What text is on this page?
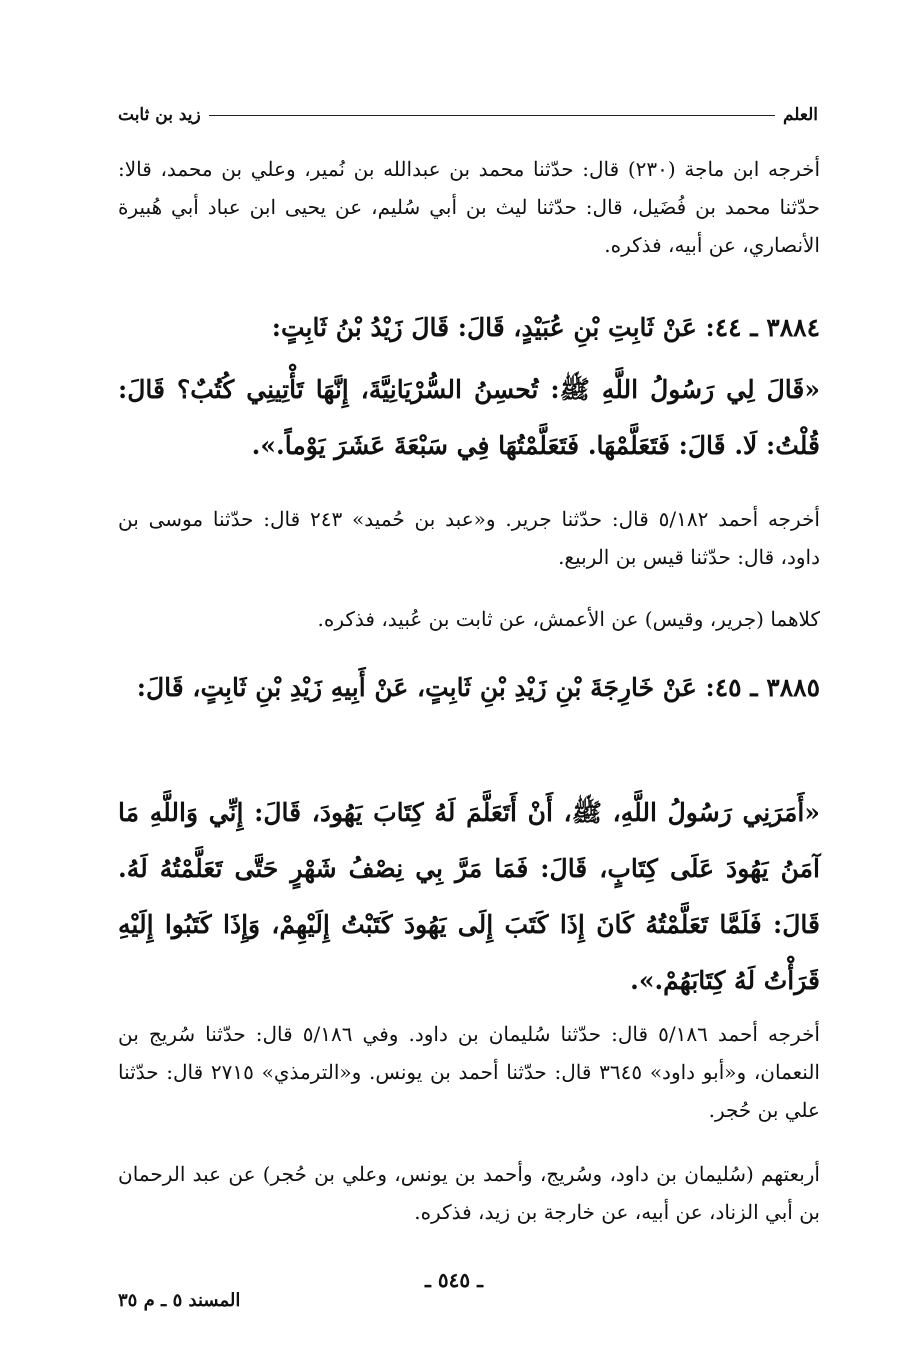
العلم
زيد بن ثابت
أخرجه ابن ماجة (٢٣٠) قال: حدّثنا محمد بن عبدالله بن نُمير، وعلي بن محمد، قالا: حدّثنا محمد بن فُضَيل، قال: حدّثنا ليث بن أبي سُليم، عن يحيى ابن عباد أبي هُبيرة الأنصاري، عن أبيه، فذكره.
٣٨٨٤ ـ ٤٤: عَنْ ثَابِتِ بْنِ عُبَيْدٍ، قَالَ: قَالَ زَيْدُ بْنُ ثَابِتٍ:
«قَالَ لِي رَسُولُ اللَّهِ ﷺ: تُحسِنُ السُّرْيَانِيَّةَ، إِنَّهَا تَأْتِينِي كُتُبٌ؟ قَالَ: قُلْتُ: لَا. قَالَ: فَتَعَلَّمْهَا. فَتَعَلَّمْتُهَا فِي سَبْعَةَ عَشَرَ يَوْماً.».
أخرجه أحمد ٥/١٨٢ قال: حدّثنا جرير. و«عبد بن حُميد» ٢٤٣ قال: حدّثنا موسى بن داود، قال: حدّثنا قيس بن الربيع.
كلاهما (جرير، وقيس) عن الأعمش، عن ثابت بن عُبيد، فذكره.
٣٨٨٥ ـ ٤٥: عَنْ خَارِجَةَ بْنِ زَيْدِ بْنِ ثَابِتٍ، عَنْ أَبِيهِ زَيْدِ بْنِ ثَابِتٍ، قَالَ:
«أَمَرَنِي رَسُولُ اللَّهِ، ﷺ، أَنْ أَتَعَلَّمَ لَهُ كِتَابَ يَهُودَ، قَالَ: إِنِّي وَاللَّهِ مَا آمَنُ يَهُودَ عَلَى كِتَابٍ، قَالَ: فَمَا مَرَّ بِي نِصْفُ شَهْرٍ حَتَّى تَعَلَّمْتُهُ لَهُ. قَالَ: فَلَمَّا تَعَلَّمْتُهُ كَانَ إِذَا كَتَبَ إِلَى يَهُودَ كَتَبْتُ إِلَيْهِمْ، وَإِذَا كَتَبُوا إِلَيْهِ قَرَأْتُ لَهُ كِتَابَهُمْ.».
أخرجه أحمد ٥/١٨٦ قال: حدّثنا سُليمان بن داود. وفي ٥/١٨٦ قال: حدّثنا سُريج بن النعمان، و«أبو داود» ٣٦٤٥ قال: حدّثنا أحمد بن يونس. و«الترمذي» ٢٧١٥ قال: حدّثنا علي بن حُجر.
أربعتهم (سُليمان بن داود، وسُريج، وأحمد بن يونس، وعلي بن حُجر) عن عبد الرحمان بن أبي الزناد، عن أبيه، عن خارجة بن زيد، فذكره.
ـ ٥٤٥ ـ
المسند ٥ ـ م ٣٥
